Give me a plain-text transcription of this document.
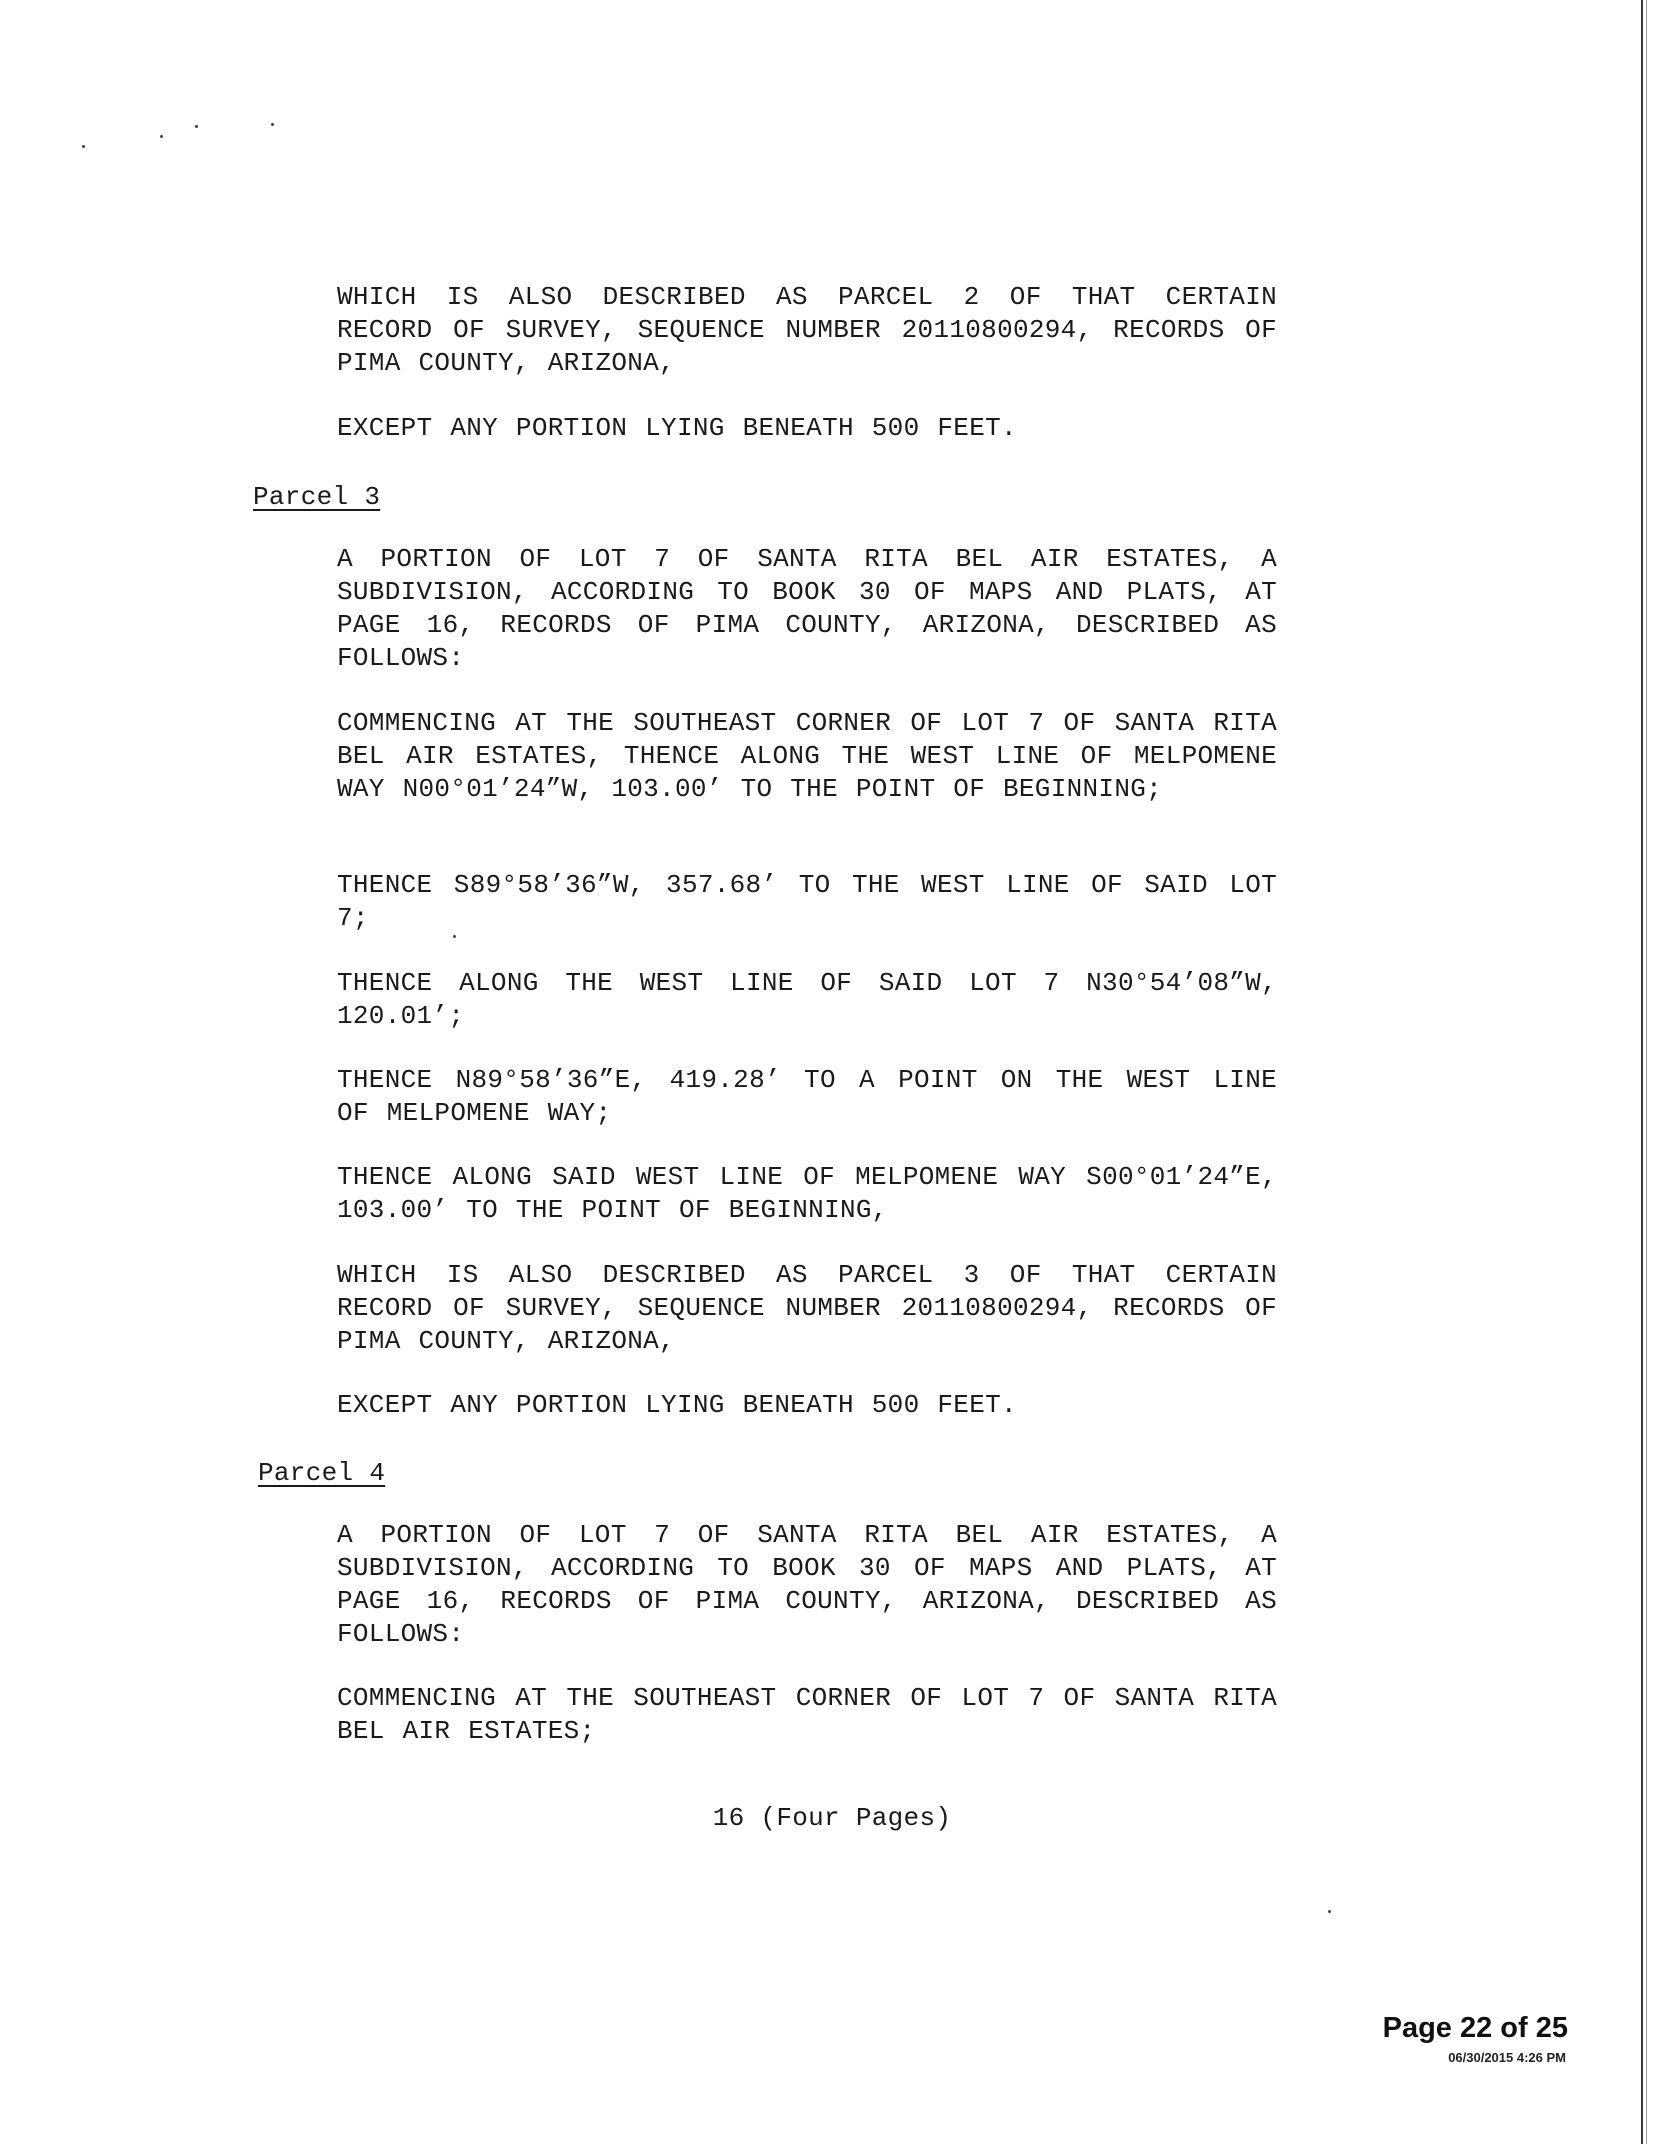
WHICH IS ALSO DESCRIBED AS PARCEL 2 OF THAT CERTAIN RECORD OF SURVEY, SEQUENCE NUMBER 20110800294, RECORDS OF PIMA COUNTY, ARIZONA,
EXCEPT ANY PORTION LYING BENEATH 500 FEET.
Parcel 3
A PORTION OF LOT 7 OF SANTA RITA BEL AIR ESTATES, A SUBDIVISION, ACCORDING TO BOOK 30 OF MAPS AND PLATS, AT PAGE 16, RECORDS OF PIMA COUNTY, ARIZONA, DESCRIBED AS FOLLOWS:
COMMENCING AT THE SOUTHEAST CORNER OF LOT 7 OF SANTA RITA BEL AIR ESTATES, THENCE ALONG THE WEST LINE OF MELPOMENE WAY N00°01’24”W, 103.00’ TO THE POINT OF BEGINNING;
THENCE S89°58’36”W, 357.68’ TO THE WEST LINE OF SAID LOT 7;
THENCE ALONG THE WEST LINE OF SAID LOT 7 N30°54’08”W, 120.01’;
THENCE N89°58’36”E, 419.28’ TO A POINT ON THE WEST LINE OF MELPOMENE WAY;
THENCE ALONG SAID WEST LINE OF MELPOMENE WAY S00°01’24”E, 103.00’ TO THE POINT OF BEGINNING,
WHICH IS ALSO DESCRIBED AS PARCEL 3 OF THAT CERTAIN RECORD OF SURVEY, SEQUENCE NUMBER 20110800294, RECORDS OF PIMA COUNTY, ARIZONA,
EXCEPT ANY PORTION LYING BENEATH 500 FEET.
Parcel 4
A PORTION OF LOT 7 OF SANTA RITA BEL AIR ESTATES, A SUBDIVISION, ACCORDING TO BOOK 30 OF MAPS AND PLATS, AT PAGE 16, RECORDS OF PIMA COUNTY, ARIZONA, DESCRIBED AS FOLLOWS:
COMMENCING AT THE SOUTHEAST CORNER OF LOT 7 OF SANTA RITA BEL AIR ESTATES;
16 (Four Pages)
Page 22 of 25
06/30/2015 4:26 PM
